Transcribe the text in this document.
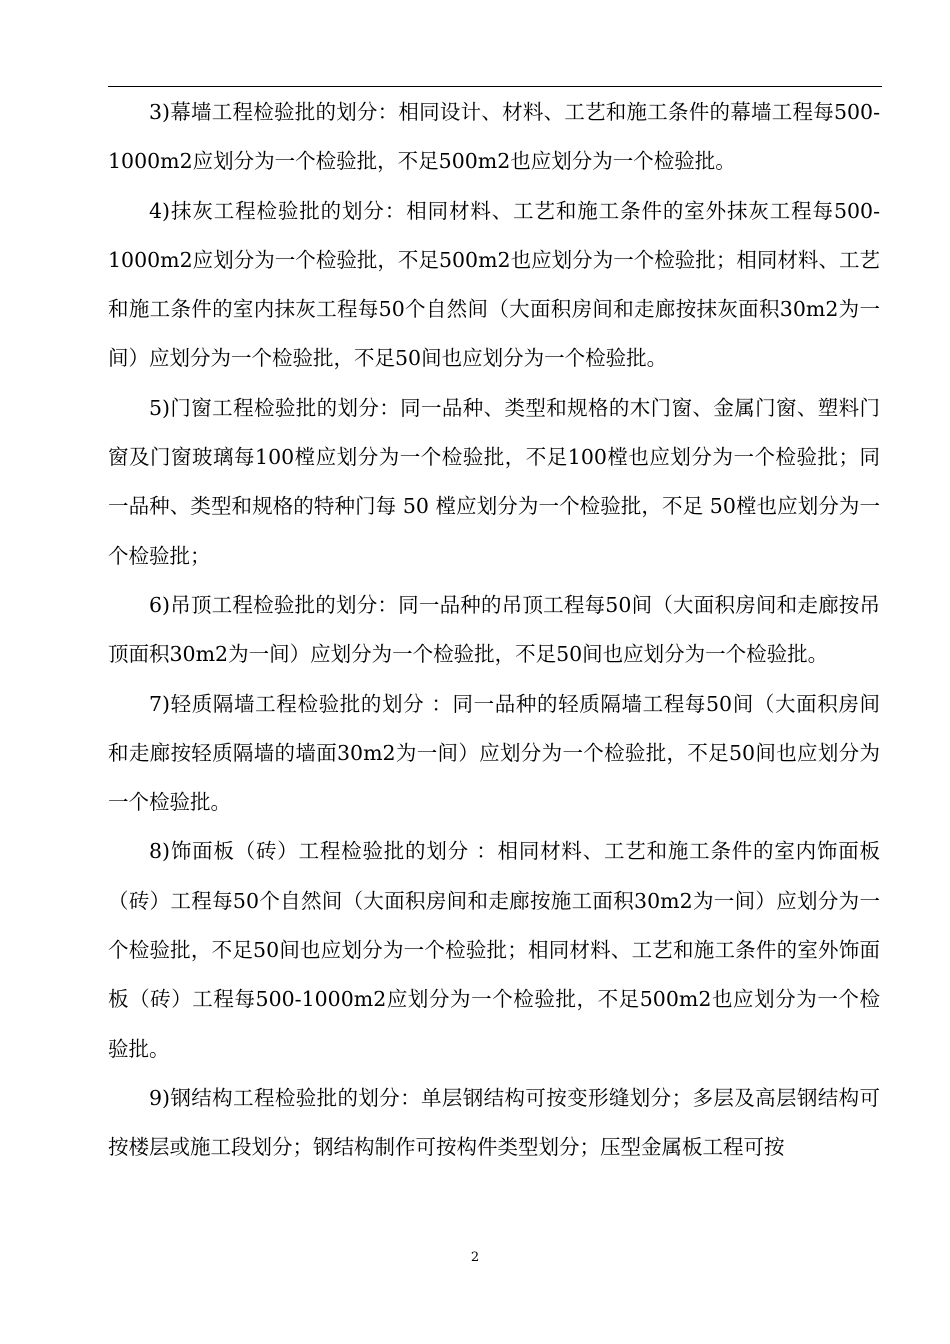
3)幕墙工程检验批的划分：相同设计、材料、工艺和施工条件的幕墙工程每500-1000m2应划分为一个检验批，不足500m2也应划分为一个检验批。

4)抹灰工程检验批的划分：相同材料、工艺和施工条件的室外抹灰工程每500-1000m2应划分为一个检验批，不足500m2也应划分为一个检验批；相同材料、工艺和施工条件的室内抹灰工程每50个自然间（大面积房间和走廊按抹灰面积30m2为一间）应划分为一个检验批，不足50间也应划分为一个检验批。

5)门窗工程检验批的划分：同一品种、类型和规格的木门窗、金属门窗、塑料门窗及门窗玻璃每100樘应划分为一个检验批，不足100樘也应划分为一个检验批；同一品种、类型和规格的特种门每 50 樘应划分为一个检验批，不足 50樘也应划分为一个检验批；

6)吊顶工程检验批的划分：同一品种的吊顶工程每50间（大面积房间和走廊按吊顶面积30m2为一间）应划分为一个检验批，不足50间也应划分为一个检验批。

7)轻质隔墙工程检验批的划分 ：同一品种的轻质隔墙工程每50间（大面积房间 和走廊按轻质隔墙的墙面30m2为一间）应划分为一个检验批，不足50间也应划分为一个检验批。

8)饰面板（砖）工程检验批的划分 ：相同材料、工艺和施工条件的室内饰面板（砖）工程每50个自然间（大面积房间和走廊按施工面积30m2为一间）应划分为一个检验批，不足50间也应划分为一个检验批；相同材料、工艺和施工条件的室外饰面板（砖）工程每500-1000m2应划分为一个检验批，不足500m2也应划分为一个检验批。

9)钢结构工程检验批的划分：单层钢结构可按变形缝划分；多层及高层钢结构可按楼层或施工段划分；钢结构制作可按构件类型划分；压型金属板工程可按

2
